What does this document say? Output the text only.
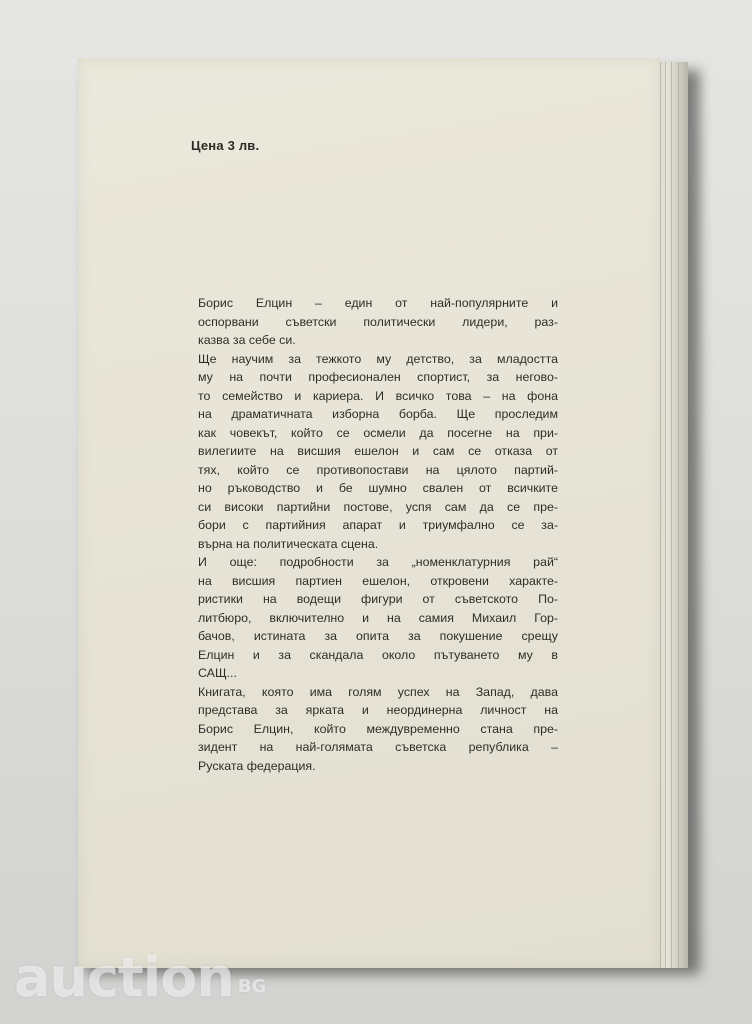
Цена 3 лв.

Борис Елцин – един от най-популярните и
оспорвани съветски политически лидери, раз-
казва за себе си.

Ще научим за тежкото му детство, за младостта
му на почти професионален спортист, за негово-
то семейство и кариера. И всичко това – на фона
на драматичната изборна борба. Ще проследим
как човекът, който се осмели да посегне на при-
вилегиите на висшия ешелон и сам се отказа от
тях, който се противопостави на цялото партий-
но ръководство и бе шумно свален от всичките
си високи партийни постове, успя сам да се пре-
бори с партийния апарат и триумфално се за-
върна на политическата сцена.

И още: подробности за „номенклатурния рай“
на висшия партиен ешелон, откровени характе-
ристики на водещи фигури от съветското По-
литбюро, включително и на самия Михаил Гор-
бачов, истината за опита за покушение срещу
Елцин и за скандала около пътуването му в
САЩ...

Книгата, която има голям успех на Запад, дава
представа за ярката и неординерна личност на
Борис Елцин, който междувременно стана пре-
зидент на най-голямата съветска република –
Руската федерация.

auction BG
